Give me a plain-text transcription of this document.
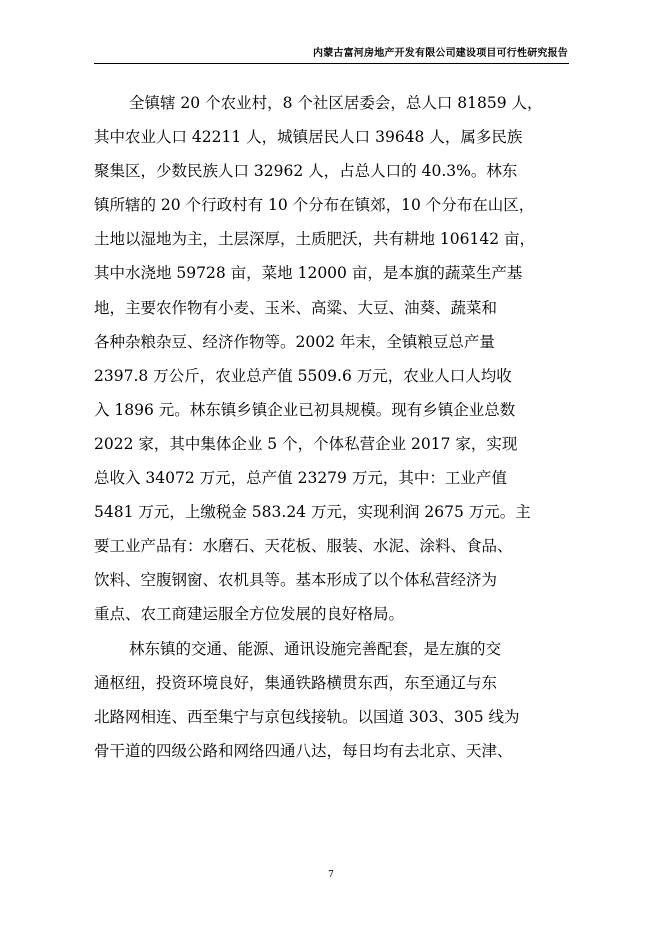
内蒙古富河房地产开发有限公司建设项目可行性研究报告
全镇辖 20 个农业村，8 个社区居委会，总人口 81859 人，
其中农业人口 42211 人，城镇居民人口 39648 人，属多民族
聚集区，少数民族人口 32962 人，占总人口的 40.3%。林东
镇所辖的 20 个行政村有 10 个分布在镇郊，10 个分布在山区，
土地以湿地为主，土层深厚，土质肥沃，共有耕地 106142 亩，
其中水浇地 59728 亩，菜地 12000 亩，是本旗的蔬菜生产基
地，主要农作物有小麦、玉米、高粱、大豆、油葵、蔬菜和
各种杂粮杂豆、经济作物等。2002 年末，全镇粮豆总产量
2397.8 万公斤，农业总产值 5509.6 万元，农业人口人均收
入 1896 元。林东镇乡镇企业已初具规模。现有乡镇企业总数
2022 家，其中集体企业 5 个，个体私营企业 2017 家，实现
总收入 34072 万元，总产值 23279 万元，其中：工业产值
5481 万元，上缴税金 583.24 万元，实现利润 2675 万元。主
要工业产品有：水磨石、天花板、服装、水泥、涂料、食品、
饮料、空腹钢窗、农机具等。基本形成了以个体私营经济为
重点、农工商建运服全方位发展的良好格局。
林东镇的交通、能源、通讯设施完善配套，是左旗的交
通枢纽，投资环境良好，集通铁路横贯东西，东至通辽与东
北路网相连、西至集宁与京包线接轨。以国道 303、305 线为
骨干道的四级公路和网络四通八达，每日均有去北京、天津、
7
